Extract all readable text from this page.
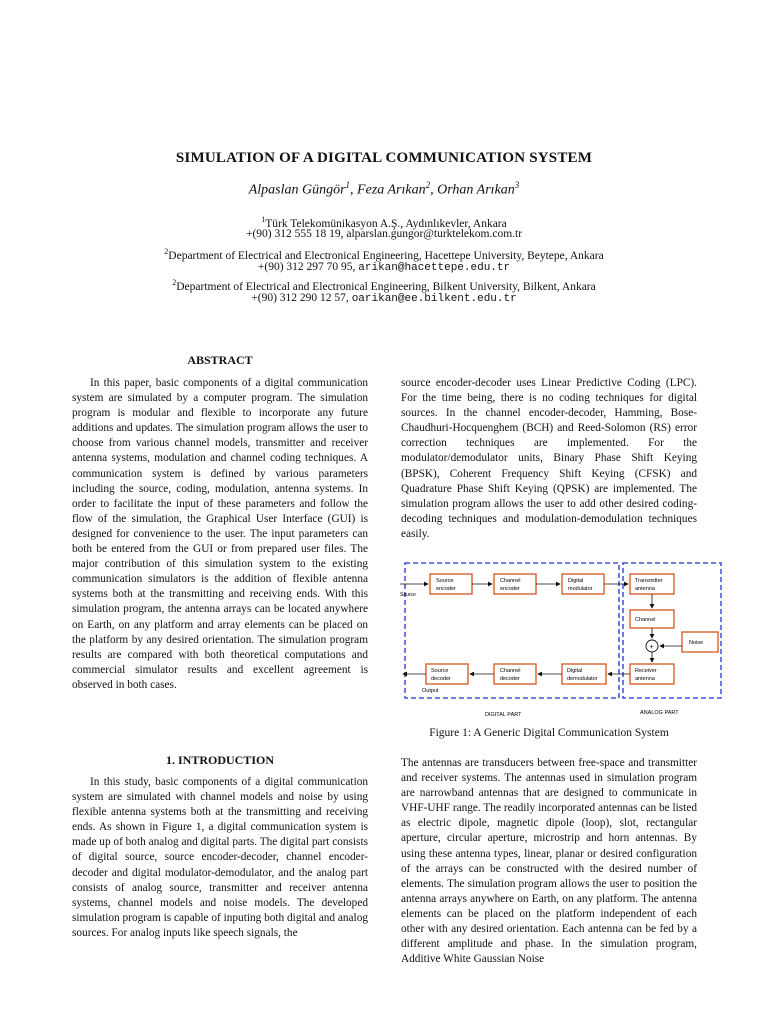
SIMULATION OF A DIGITAL COMMUNICATION SYSTEM
Alpaslan Güngör$^1$, Feza Arıkan$^2$, Orhan Arıkan$^3$
$^1$Türk Telekomünikasyon A.Ş., Aydınlıkevler, Ankara
+(90) 312 555 18 19, alparslan.gungor@turktelekom.com.tr
$^2$Department of Electrical and Electronical Engineering, Hacettepe University, Beytepe, Ankara
+(90) 312 297 70 95, arikan@hacettepe.edu.tr
$^2$Department of Electrical and Electronical Engineering, Bilkent University, Bilkent, Ankara
+(90) 312 290 12 57, oarikan@ee.bilkent.edu.tr
ABSTRACT

In this paper, basic components of a digital communication system are simulated by a computer program. The simulation program is modular and flexible to incorporate any future additions and updates. The simulation program allows the user to choose from various channel models, transmitter and receiver antenna systems, modulation and channel coding techniques. A communication system is defined by various parameters including the source, coding, modulation, antenna systems. In order to facilitate the input of these parameters and follow the flow of the simulation, the Graphical User Interface (GUI) is designed for convenience to the user. The input parameters can both be entered from the GUI or from prepared user files. The major contribution of this simulation system to the existing communication simulators is the addition of flexible antenna systems both at the transmitting and receiving ends. With this simulation program, the antenna arrays can be located anywhere on Earth, on any platform and array elements can be placed on the platform by any desired orientation. The simulation program results are compared with both theoretical computations and commercial simulator results and excellent agreement is observed in both cases.

1. INTRODUCTION

In this study, basic components of a digital communication system are simulated with channel models and noise by using flexible antenna systems both at the transmitting and receiving ends. As shown in Figure 1, a digital communication system is made up of both analog and digital parts. The digital part consists of digital source, source encoder-decoder, channel encoder-decoder and digital modulator-demodulator, and the analog part consists of analog source, transmitter and receiver antenna systems, channel models and noise models. The developed simulation program is capable of inputing both digital and analog sources. For analog inputs like speech signals, the

source encoder-decoder uses Linear Predictive Coding (LPC). For the time being, there is no coding techniques for digital sources. In the channel encoder-decoder, Hamming, Bose-Chaudhuri-Hocquenghem (BCH) and Reed-Solomon (RS) error correction techniques are implemented. For the modulator/demodulator units, Binary Phase Shift Keying (BPSK), Coherent Frequency Shift Keying (CFSK) and Quadrature Phase Shift Keying (QPSK) are implemented. The simulation program allows the user to add other desired coding-decoding techniques and modulation-demodulation techniques easily.

Source
encoder
Channel
encoder
Digital
modulator
Transmitter
antenna
Channel
+
Noise
Receiver
antenna
Digital
demodulator
Channel
decoder
Source
decoder
Source
Output
DIGITAL PART	ANALOG PART
Figure 1: A Generic Digital Communication System

The antennas are transducers between free-space and transmitter and receiver systems. The antennas used in simulation program are narrowband antennas that are designed to communicate in VHF-UHF range. The readily incorporated antennas can be listed as electric dipole, magnetic dipole (loop), slot, rectangular aperture, circular aperture, microstrip and horn antennas. By using these antenna types, linear, planar or desired configuration of the arrays can be constructed with the desired number of elements. The simulation program allows the user to position the antenna arrays anywhere on Earth, on any platform. The antenna elements can be placed on the platform independent of each other with any desired orientation. Each antenna can be fed by a different amplitude and phase. In the simulation program, Additive White Gaussian Noise
